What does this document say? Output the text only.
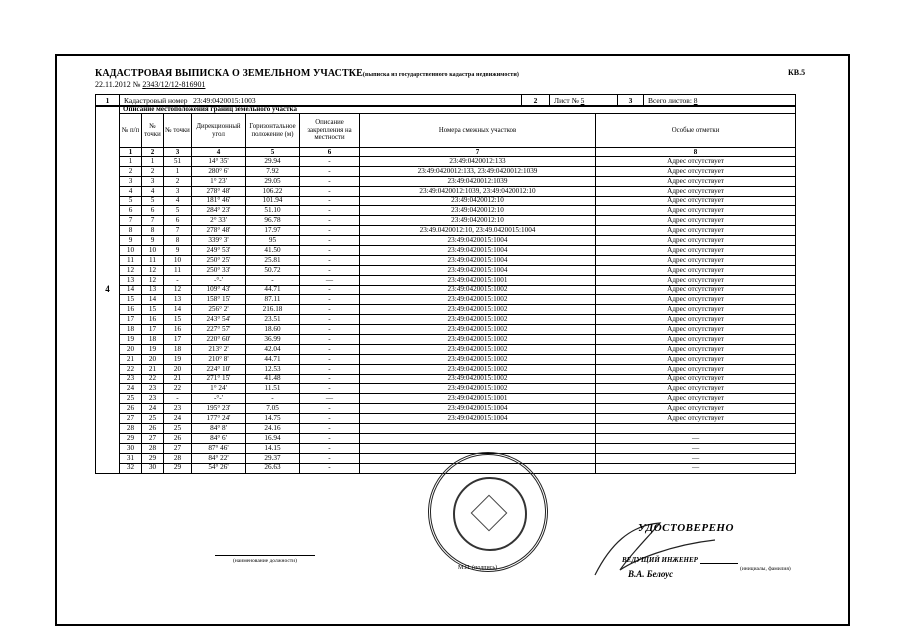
КАДАСТРОВАЯ ВЫПИСКА О ЗЕМЕЛЬНОМ УЧАСТКЕ(выписка из государственного кадастра недвижимости)	КВ.5
22.11.2012 № 2343/12/12-816901
1	Кадастровый номер 23:49:0420015:1003	2	Лист № 5	3	Всего листов: 8
4	Описание местоположения границ земельного участка							
	№ п/п	№ точки	№ точки	Дирекционный угол	Горизонтальное положение (м)	Описание закрепления на местности	Номера смежных участков	Особые отметки
	1	2	3	4	5	6	7	8
	1	1	51	14° 35'	29.94	-	23:49:0420012:133	Адрес отсутствует
	2	2	1	280° 6'	7.92	-	23:49:0420012:133, 23:49:0420012:1039	Адрес отсутствует
	3	3	2	1° 23'	29.05	-	23:49:0420012:1039	Адрес отсутствует
	4	4	3	278° 48'	106.22	-	23:49:0420012:1039, 23:49:0420012:10	Адрес отсутствует
	5	5	4	181° 46'	101.94	-	23:49:0420012:10	Адрес отсутствует
	6	6	5	284° 23'	51.10	-	23:49:0420012:10	Адрес отсутствует
	7	7	6	2° 33'	96.78	-	23:49:0420012:10	Адрес отсутствует
	8	8	7	278° 48'	17.97	-	23:49.0420012:10, 23:49.0420015:1004	Адрес отсутствует
	9	9	8	339° 3'	95	-	23:49:0420015:1004	Адрес отсутствует
	10	10	9	249° 53'	41.50	-	23:49:0420015:1004	Адрес отсутствует
	11	11	10	250° 25'	25.81	-	23:49:0420015:1004	Адрес отсутствует
	12	12	11	250° 33'	50.72	-	23:49:0420015:1004	Адрес отсутствует
	13	12	-	-°-'	-	—	23:49:0420015:1001	Адрес отсутствует
	14	13	12	109° 43'	44.71	-	23:49:0420015:1002	Адрес отсутствует
	15	14	13	158° 15'	87.11	-	23:49:0420015:1002	Адрес отсутствует
	16	15	14	256° 2'	216.18	-	23:49:0420015:1002	Адрес отсутствует
	17	16	15	243° 54'	23.51	-	23:49:0420015:1002	Адрес отсутствует
	18	17	16	227° 57'	18.60	-	23:49:0420015:1002	Адрес отсутствует
	19	18	17	220° 60'	36.99	-	23:49:0420015:1002	Адрес отсутствует
	20	19	18	213° 2'	42.04	-	23:49:0420015:1002	Адрес отсутствует
	21	20	19	210° 8'	44.71	-	23:49:0420015:1002	Адрес отсутствует
	22	21	20	224° 10'	12.53	-	23:49:0420015:1002	Адрес отсутствует
	23	22	21	271° 15'	41.48	-	23:49:0420015:1002	Адрес отсутствует
	24	23	22	1° 24'	11.51	-	23:49:0420015:1002	Адрес отсутствует
	25	23	-	-°-'	-	—	23:49:0420015:1001	Адрес отсутствует
	26	24	23	195° 23'	7.05	-	23:49:0420015:1004	Адрес отсутствует
	27	25	24	177° 24'	14.75	-	23:49:0420015:1004	Адрес отсутствует
	28	26	25	84° 8'	24.16	-		
	29	27	26	84° 6'	16.94	-		—
	30	28	27	87° 46'	14.15	-		—
	31	29	28	84° 22'	29.37	-		—
	32	30	29	54° 26'	26.63	-		—
(наименование должности)
М.П. (подпись)
УДОСТОВЕРЕНО
ВЕДУЩИЙ ИНЖЕНЕР
В.А. Белоус	(инициалы, фамилия)
